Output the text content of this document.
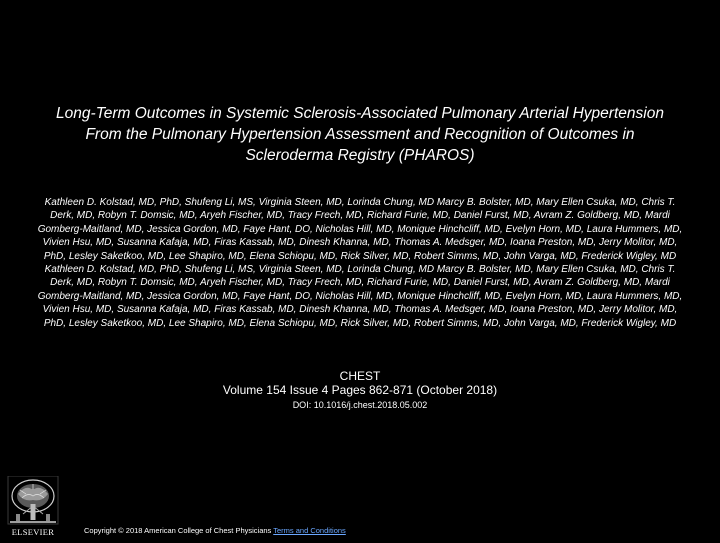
Long-Term Outcomes in Systemic Sclerosis-Associated Pulmonary Arterial Hypertension From the Pulmonary Hypertension Assessment and Recognition of Outcomes in Scleroderma Registry (PHAROS)
Kathleen D. Kolstad, MD, PhD, Shufeng Li, MS, Virginia Steen, MD, Lorinda Chung, MD Marcy B. Bolster, MD, Mary Ellen Csuka, MD, Chris T. Derk, MD, Robyn T. Domsic, MD, Aryeh Fischer, MD, Tracy Frech, MD, Richard Furie, MD, Daniel Furst, MD, Avram Z. Goldberg, MD, Mardi Gomberg-Maitland, MD, Jessica Gordon, MD, Faye Hant, DO, Nicholas Hill, MD, Monique Hinchcliff, MD, Evelyn Horn, MD, Laura Hummers, MD, Vivien Hsu, MD, Susanna Kafaja, MD, Firas Kassab, MD, Dinesh Khanna, MD, Thomas A. Medsger, MD, Ioana Preston, MD, Jerry Molitor, MD, PhD, Lesley Saketkoo, MD, Lee Shapiro, MD, Elena Schiopu, MD, Rick Silver, MD, Robert Simms, MD, John Varga, MD, Frederick Wigley, MD Kathleen D. Kolstad, MD, PhD, Shufeng Li, MS, Virginia Steen, MD, Lorinda Chung, MD Marcy B. Bolster, MD, Mary Ellen Csuka, MD, Chris T. Derk, MD, Robyn T. Domsic, MD, Aryeh Fischer, MD, Tracy Frech, MD, Richard Furie, MD, Daniel Furst, MD, Avram Z. Goldberg, MD, Mardi Gomberg-Maitland, MD, Jessica Gordon, MD, Faye Hant, DO, Nicholas Hill, MD, Monique Hinchcliff, MD, Evelyn Horn, MD, Laura Hummers, MD, Vivien Hsu, MD, Susanna Kafaja, MD, Firas Kassab, MD, Dinesh Khanna, MD, Thomas A. Medsger, MD, Ioana Preston, MD, Jerry Molitor, MD, PhD, Lesley Saketkoo, MD, Lee Shapiro, MD, Elena Schiopu, MD, Rick Silver, MD, Robert Simms, MD, John Varga, MD, Frederick Wigley, MD
CHEST
Volume 154 Issue 4 Pages 862-871 (October 2018)
DOI: 10.1016/j.chest.2018.05.002
ELSEVIER	Copyright © 2018 American College of Chest Physicians Terms and Conditions
